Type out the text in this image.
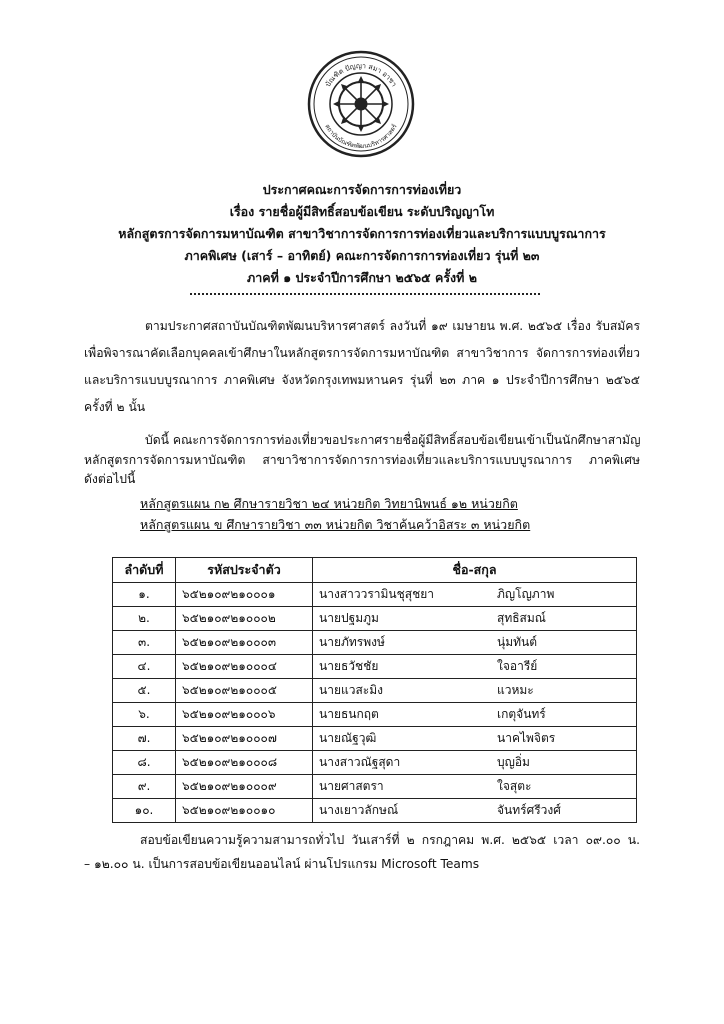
บัณฑิต ปัญญา สมา อาชา
สถาบันบัณฑิตพัฒนบริหารศาสตร์
ประกาศคณะการจัดการการท่องเที่ยว
เรื่อง รายชื่อผู้มีสิทธิ์สอบข้อเขียน ระดับปริญญาโท
หลักสูตรการจัดการมหาบัณฑิต สาขาวิชาการจัดการการท่องเที่ยวและบริการแบบบูรณาการ
ภาคพิเศษ (เสาร์ – อาทิตย์) คณะการจัดการการท่องเที่ยว รุ่นที่ ๒๓
ภาคที่ ๑ ประจำปีการศึกษา ๒๕๖๕ ครั้งที่ ๒
ตามประกาศสถาบันบัณฑิตพัฒนบริหารศาสตร์ ลงวันที่ ๑๙ เมษายน พ.ศ. ๒๕๖๕ เรื่อง รับสมัคร
เพื่อพิจารณาคัดเลือกบุคคลเข้าศึกษาในหลักสูตรการจัดการมหาบัณฑิต สาขาวิชาการ จัดการการท่องเที่ยว
และบริการแบบบูรณาการ ภาคพิเศษ จังหวัดกรุงเทพมหานคร รุ่นที่ ๒๓ ภาค ๑ ประจำปีการศึกษา ๒๕๖๕
ครั้งที่ ๒ นั้น
บัดนี้ คณะการจัดการการท่องเที่ยวขอประกาศรายชื่อผู้มีสิทธิ์สอบข้อเขียนเข้าเป็นนักศึกษาสามัญ
หลักสูตรการจัดการมหาบัณฑิต สาขาวิชาการจัดการการท่องเที่ยวและบริการแบบบูรณาการ ภาคพิเศษ
ดังต่อไปนี้
หลักสูตรแผน ก๒ ศึกษารายวิชา ๒๔ หน่วยกิต วิทยานิพนธ์ ๑๒ หน่วยกิต
หลักสูตรแผน ข ศึกษารายวิชา ๓๓ หน่วยกิต วิชาค้นคว้าอิสระ ๓ หน่วยกิต
ลำดับที่	รหัสประจำตัว	ชื่อ-สกุล
๑.	๖๕๒๑๐๙๒๑๐๐๐๑	นางสาววรามินชุสุชยา ภิญโญภาพ
๒.	๖๕๒๑๐๙๒๑๐๐๐๒	นายปฐมภูม สุทธิสมณ์
๓.	๖๕๒๑๐๙๒๑๐๐๐๓	นายภัทรพงษ์ นุ่มทันต์
๔.	๖๕๒๑๐๙๒๑๐๐๐๔	นายธวัชชัย ใจอารีย์
๕.	๖๕๒๑๐๙๒๑๐๐๐๕	นายแวสะมิง แวหมะ
๖.	๖๕๒๑๐๙๒๑๐๐๐๖	นายธนกฤต เกตุจันทร์
๗.	๖๕๒๑๐๙๒๑๐๐๐๗	นายณัฐวุฒิ นาคไพจิตร
๘.	๖๕๒๑๐๙๒๑๐๐๐๘	นางสาวณัฐสุดา บุญอิ่ม
๙.	๖๕๒๑๐๙๒๑๐๐๐๙	นายศาสตรา ใจสุตะ
๑๐.	๖๕๒๑๐๙๒๑๐๐๑๐	นางเยาวลักษณ์ จันทร์ศรีวงศ์
สอบข้อเขียนความรู้ความสามารถทั่วไป วันเสาร์ที่ ๒ กรกฎาคม พ.ศ. ๒๕๖๕ เวลา ๐๙.๐๐ น.
– ๑๒.๐๐ น. เป็นการสอบข้อเขียนออนไลน์ ผ่านโปรแกรม Microsoft Teams
